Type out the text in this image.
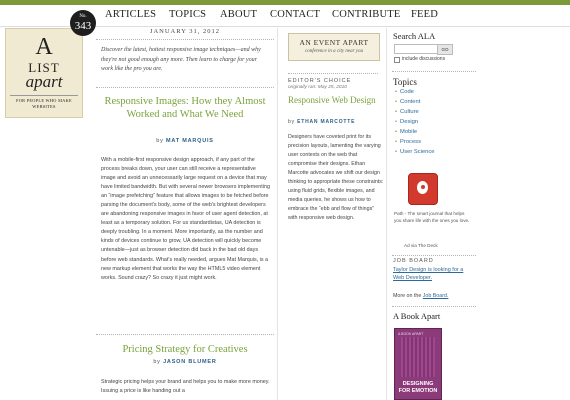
A
LIST
apart
FOR PEOPLE WHO MAKE WEBSITES
No.
343
ARTICLES TOPICS ABOUT CONTACT CONTRIBUTE FEED
JANUARY 31, 2012
Discover the latest, hottest responsive image techniques—and why they're not good enough any more. Then learn to charge for your work like the pro you are.
Responsive Images: How they Almost Worked and What We Need
by MAT MARQUIS
With a mobile-first responsive design approach, if any part of the process breaks down, your user can still receive a representative image and avoid an unnecessarily large request on a device that may have limited bandwidth. But with several newer browsers implementing an “image prefetching” feature that allows images to be fetched before parsing the document's body, some of the web's brightest developers are abandoning responsive images in favor of user agent detection, at least as a temporary solution. For us standardistas, UA detection is deeply troubling. In a moment. More importantly, as the number and kinds of devices continue to grow, UA detection will quickly become untenable—just as browser detection did back in the bad old days before web standards. What's really needed, argues Mat Marquis, is a new markup element that works the way the HTML5 video element works. Sound crazy? So crazy it just might work.
Pricing Strategy for Creatives
by JASON BLUMER
Strategic pricing helps your brand and helps you to make more money. Issuing a price is like handing out a
AN EVENT APART
conference in a city near you
EDITOR'S CHOICE
originally ran: May 25, 2010
Responsive Web Design
by ETHAN MARCOTTE
Designers have coveted print for its precision layouts, lamenting the varying user contexts on the web that compromise their designs. Ethan Marcotte advocates we shift our design thinking to appropriate these constraints: using fluid grids, flexible images, and media queries, he shows us how to embrace the “ebb and flow of things” with responsive web design.
Search ALA
GO
include discussions
Topics
• Code
• Content
• Culture
• Design
• Mobile
• Process
• User Science
Path - The smart journal that helps you share life with the ones you love.
Ad via The Deck
JOB BOARD
Taylor Design is looking for a Web Developer.
More on the Job Board.
A Book Apart
A BOOK APART
DESIGNING FOR EMOTION
